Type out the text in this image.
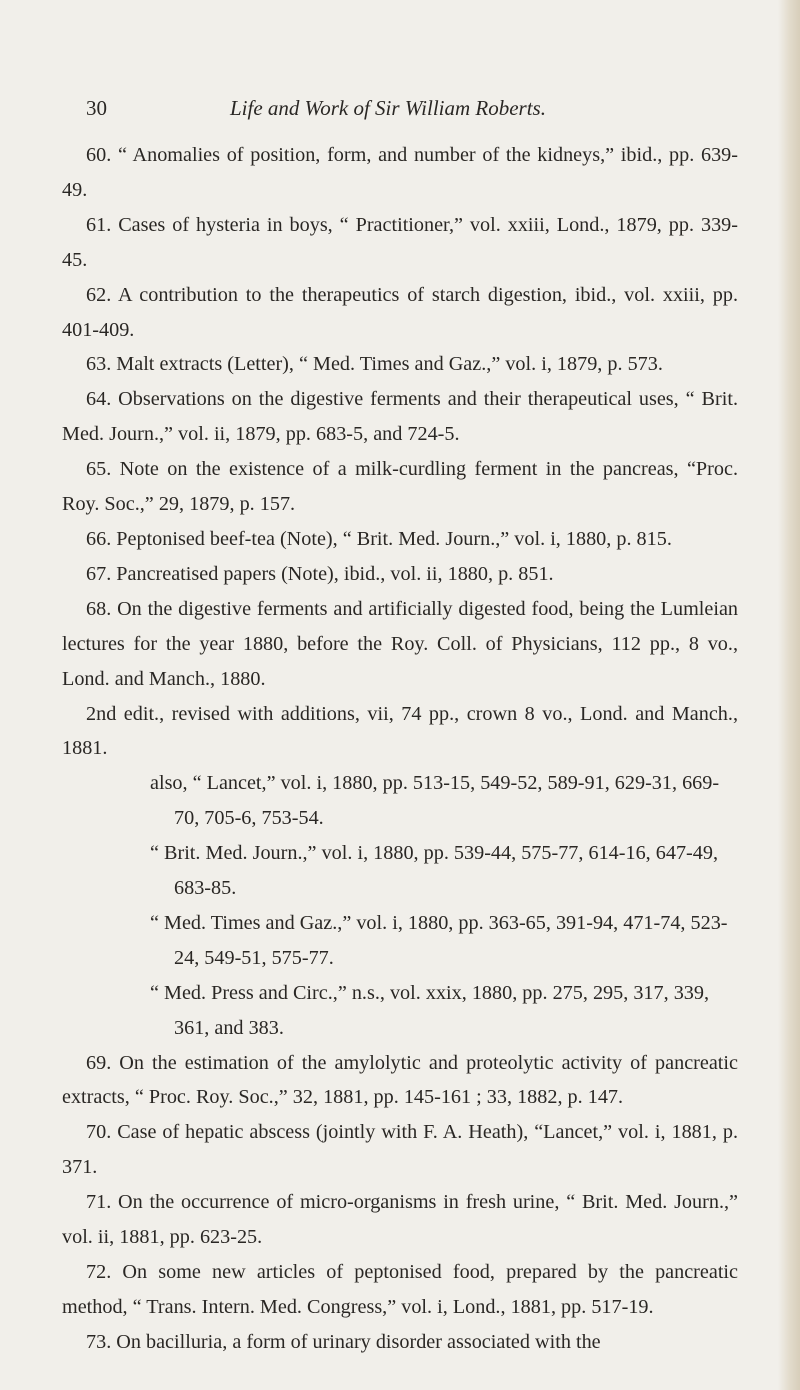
30	Life and Work of Sir William Roberts.

60. “ Anomalies of position, form, and number of the kidneys,” ibid., pp. 639-49.

61. Cases of hysteria in boys, “ Practitioner,” vol. xxiii, Lond., 1879, pp. 339-45.

62. A contribution to the therapeutics of starch digestion, ibid., vol. xxiii, pp. 401-409.

63. Malt extracts (Letter), “ Med. Times and Gaz.,” vol. i, 1879, p. 573.

64. Observations on the digestive ferments and their therapeutical uses, “ Brit. Med. Journ.,” vol. ii, 1879, pp. 683-5, and 724-5.

65. Note on the existence of a milk-curdling ferment in the pancreas, “Proc. Roy. Soc.,” 29, 1879, p. 157.

66. Peptonised beef-tea (Note), “ Brit. Med. Journ.,” vol. i, 1880, p. 815.

67. Pancreatised papers (Note), ibid., vol. ii, 1880, p. 851.

68. On the digestive ferments and artificially digested food, being the Lumleian lectures for the year 1880, before the Roy. Coll. of Physicians, 112 pp., 8 vo., Lond. and Manch., 1880.

2nd edit., revised with additions, vii, 74 pp., crown 8 vo., Lond. and Manch., 1881.

also, “ Lancet,” vol. i, 1880, pp. 513-15, 549-52, 589-91, 629-31, 669-70, 705-6, 753-54.

“ Brit. Med. Journ.,” vol. i, 1880, pp. 539-44, 575-77, 614-16, 647-49, 683-85.

“ Med. Times and Gaz.,” vol. i, 1880, pp. 363-65, 391-94, 471-74, 523-24, 549-51, 575-77.

“ Med. Press and Circ.,” n.s., vol. xxix, 1880, pp. 275, 295, 317, 339, 361, and 383.

69. On the estimation of the amylolytic and proteolytic activity of pancreatic extracts, “ Proc. Roy. Soc.,” 32, 1881, pp. 145-161 ; 33, 1882, p. 147.

70. Case of hepatic abscess (jointly with F. A. Heath), “Lancet,” vol. i, 1881, p. 371.

71. On the occurrence of micro-organisms in fresh urine, “ Brit. Med. Journ.,” vol. ii, 1881, pp. 623-25.

72. On some new articles of peptonised food, prepared by the pancreatic method, “ Trans. Intern. Med. Congress,” vol. i, Lond., 1881, pp. 517-19.

73. On bacilluria, a form of urinary disorder associated with the
